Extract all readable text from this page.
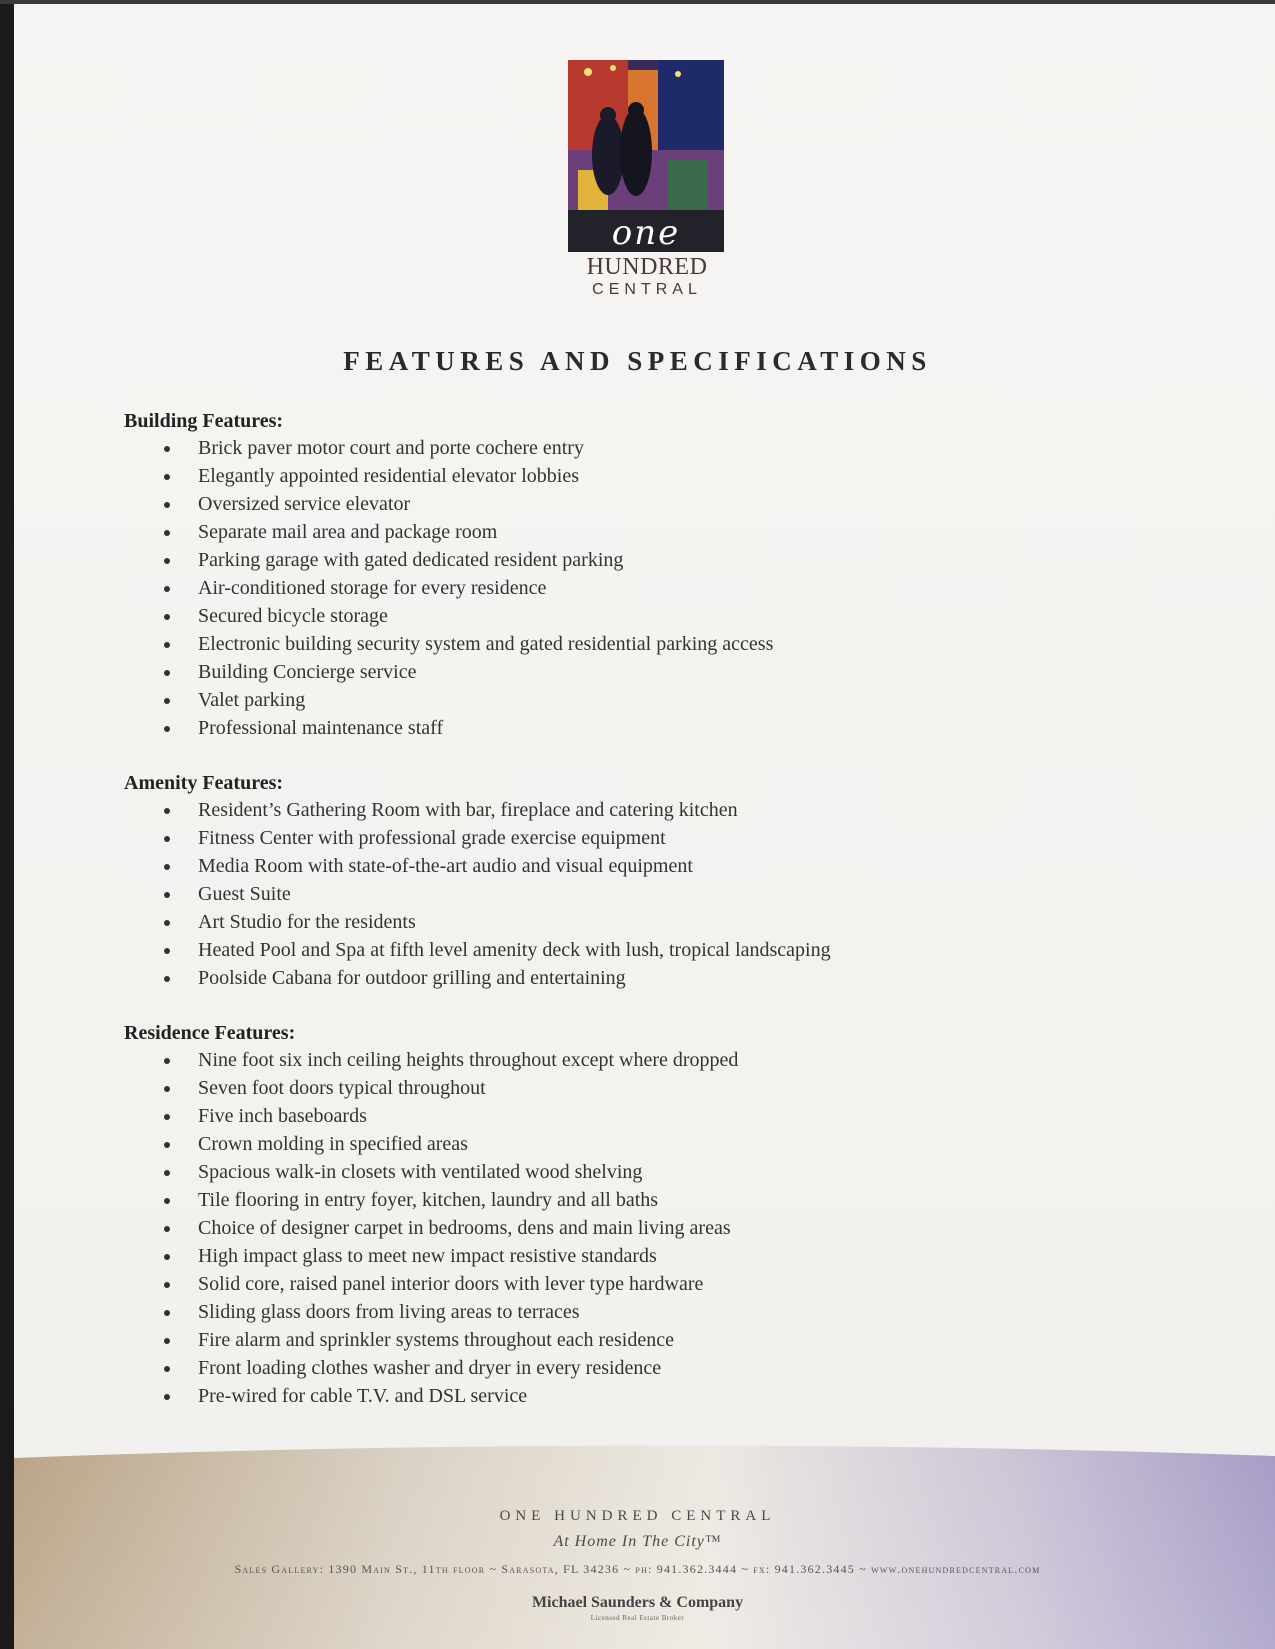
one
HUNDRED
CENTRAL
FEATURES AND SPECIFICATIONS
Building Features:
Brick paver motor court and porte cochere entry
Elegantly appointed residential elevator lobbies
Oversized service elevator
Separate mail area and package room
Parking garage with gated dedicated resident parking
Air-conditioned storage for every residence
Secured bicycle storage
Electronic building security system and gated residential parking access
Building Concierge service
Valet parking
Professional maintenance staff
Amenity Features:
Resident’s Gathering Room with bar, fireplace and catering kitchen
Fitness Center with professional grade exercise equipment
Media Room with state-of-the-art audio and visual equipment
Guest Suite
Art Studio for the residents
Heated Pool and Spa at fifth level amenity deck with lush, tropical landscaping
Poolside Cabana for outdoor grilling and entertaining
Residence Features:
Nine foot six inch ceiling heights throughout except where dropped
Seven foot doors typical throughout
Five inch baseboards
Crown molding in specified areas
Spacious walk-in closets with ventilated wood shelving
Tile flooring in entry foyer, kitchen, laundry and all baths
Choice of designer carpet in bedrooms, dens and main living areas
High impact glass to meet new impact resistive standards
Solid core, raised panel interior doors with lever type hardware
Sliding glass doors from living areas to terraces
Fire alarm and sprinkler systems throughout each residence
Front loading clothes washer and dryer in every residence
Pre-wired for cable T.V. and DSL service
ONE HUNDRED CENTRAL
At Home In The City™
Sales Gallery: 1390 Main St., 11th floor ~ Sarasota, FL 34236 ~ ph: 941.362.3444 ~ fx: 941.362.3445 ~ www.onehundredcentral.com
Michael Saunders & Company
Licensed Real Estate Broker
